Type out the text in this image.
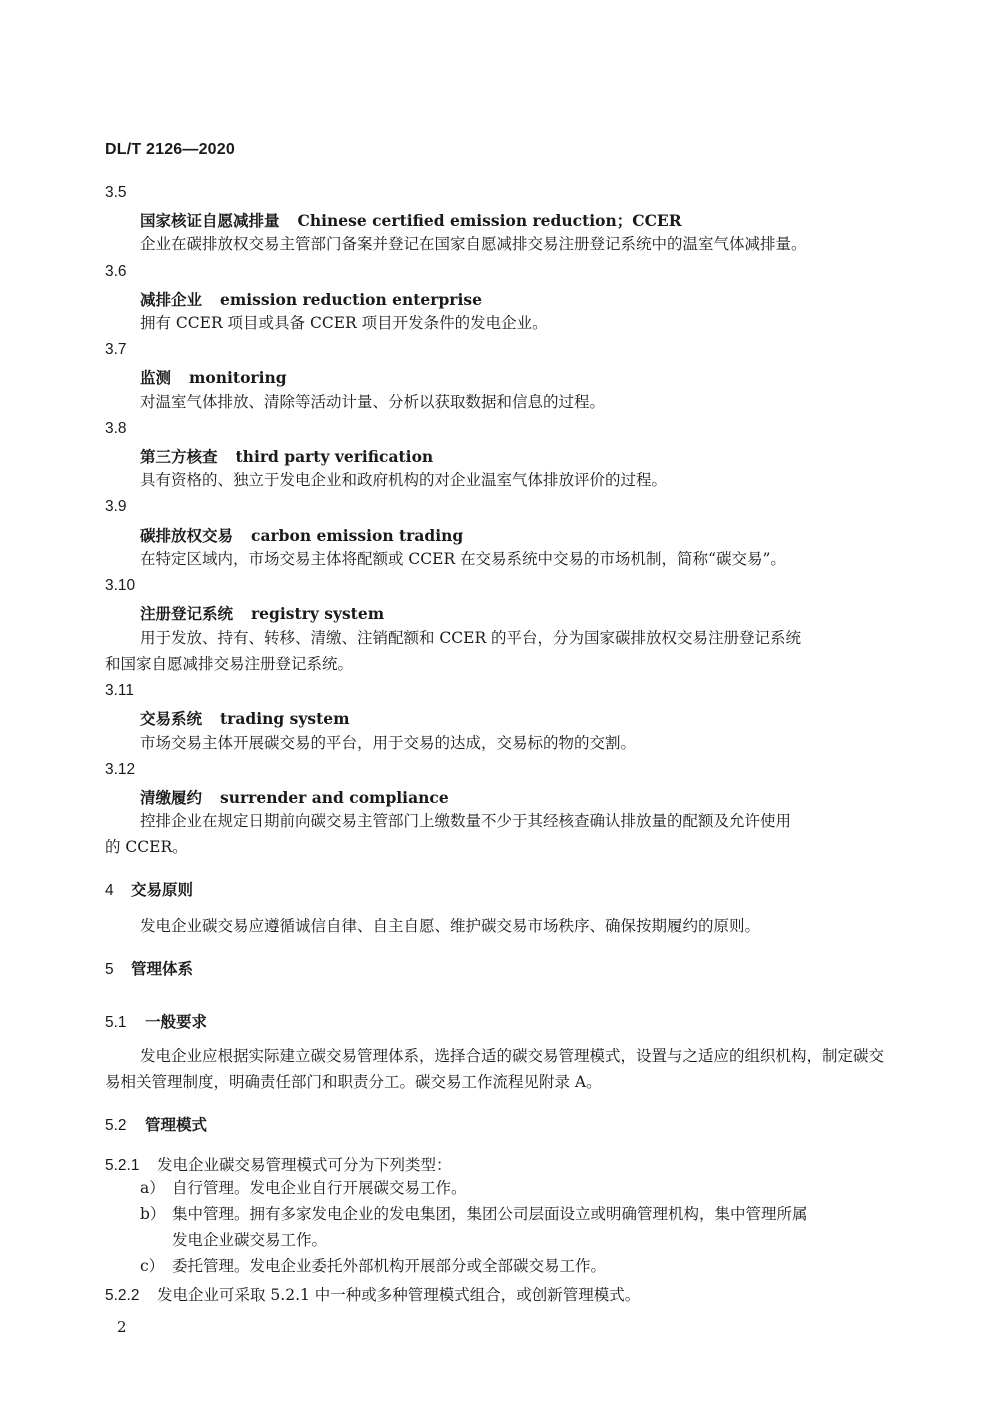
DL/T 2126—2020
3.5
国家核证自愿减排量 Chinese certified emission reduction；CCER
企业在碳排放权交易主管部门备案并登记在国家自愿减排交易注册登记系统中的温室气体减排量。
3.6
减排企业 emission reduction enterprise
拥有 CCER 项目或具备 CCER 项目开发条件的发电企业。
3.7
监测 monitoring
对温室气体排放、清除等活动计量、分析以获取数据和信息的过程。
3.8
第三方核查 third party verification
具有资格的、独立于发电企业和政府机构的对企业温室气体排放评价的过程。
3.9
碳排放权交易 carbon emission trading
在特定区域内，市场交易主体将配额或 CCER 在交易系统中交易的市场机制，简称“碳交易”。
3.10
注册登记系统 registry system
用于发放、持有、转移、清缴、注销配额和 CCER 的平台，分为国家碳排放权交易注册登记系统
和国家自愿减排交易注册登记系统。
3.11
交易系统 trading system
市场交易主体开展碳交易的平台，用于交易的达成，交易标的物的交割。
3.12
清缴履约 surrender and compliance
控排企业在规定日期前向碳交易主管部门上缴数量不少于其经核查确认排放量的配额及允许使用
的 CCER。
4 交易原则
发电企业碳交易应遵循诚信自律、自主自愿、维护碳交易市场秩序、确保按期履约的原则。
5 管理体系
5.1 一般要求
发电企业应根据实际建立碳交易管理体系，选择合适的碳交易管理模式，设置与之适应的组织机构，制定碳交易相关管理制度，明确责任部门和职责分工。碳交易工作流程见附录 A。
5.2 管理模式
5.2.1 发电企业碳交易管理模式可分为下列类型：
a） 自行管理。发电企业自行开展碳交易工作。
b） 集中管理。拥有多家发电企业的发电集团，集团公司层面设立或明确管理机构，集中管理所属
发电企业碳交易工作。
c） 委托管理。发电企业委托外部机构开展部分或全部碳交易工作。
5.2.2 发电企业可采取 5.2.1 中一种或多种管理模式组合，或创新管理模式。
2
